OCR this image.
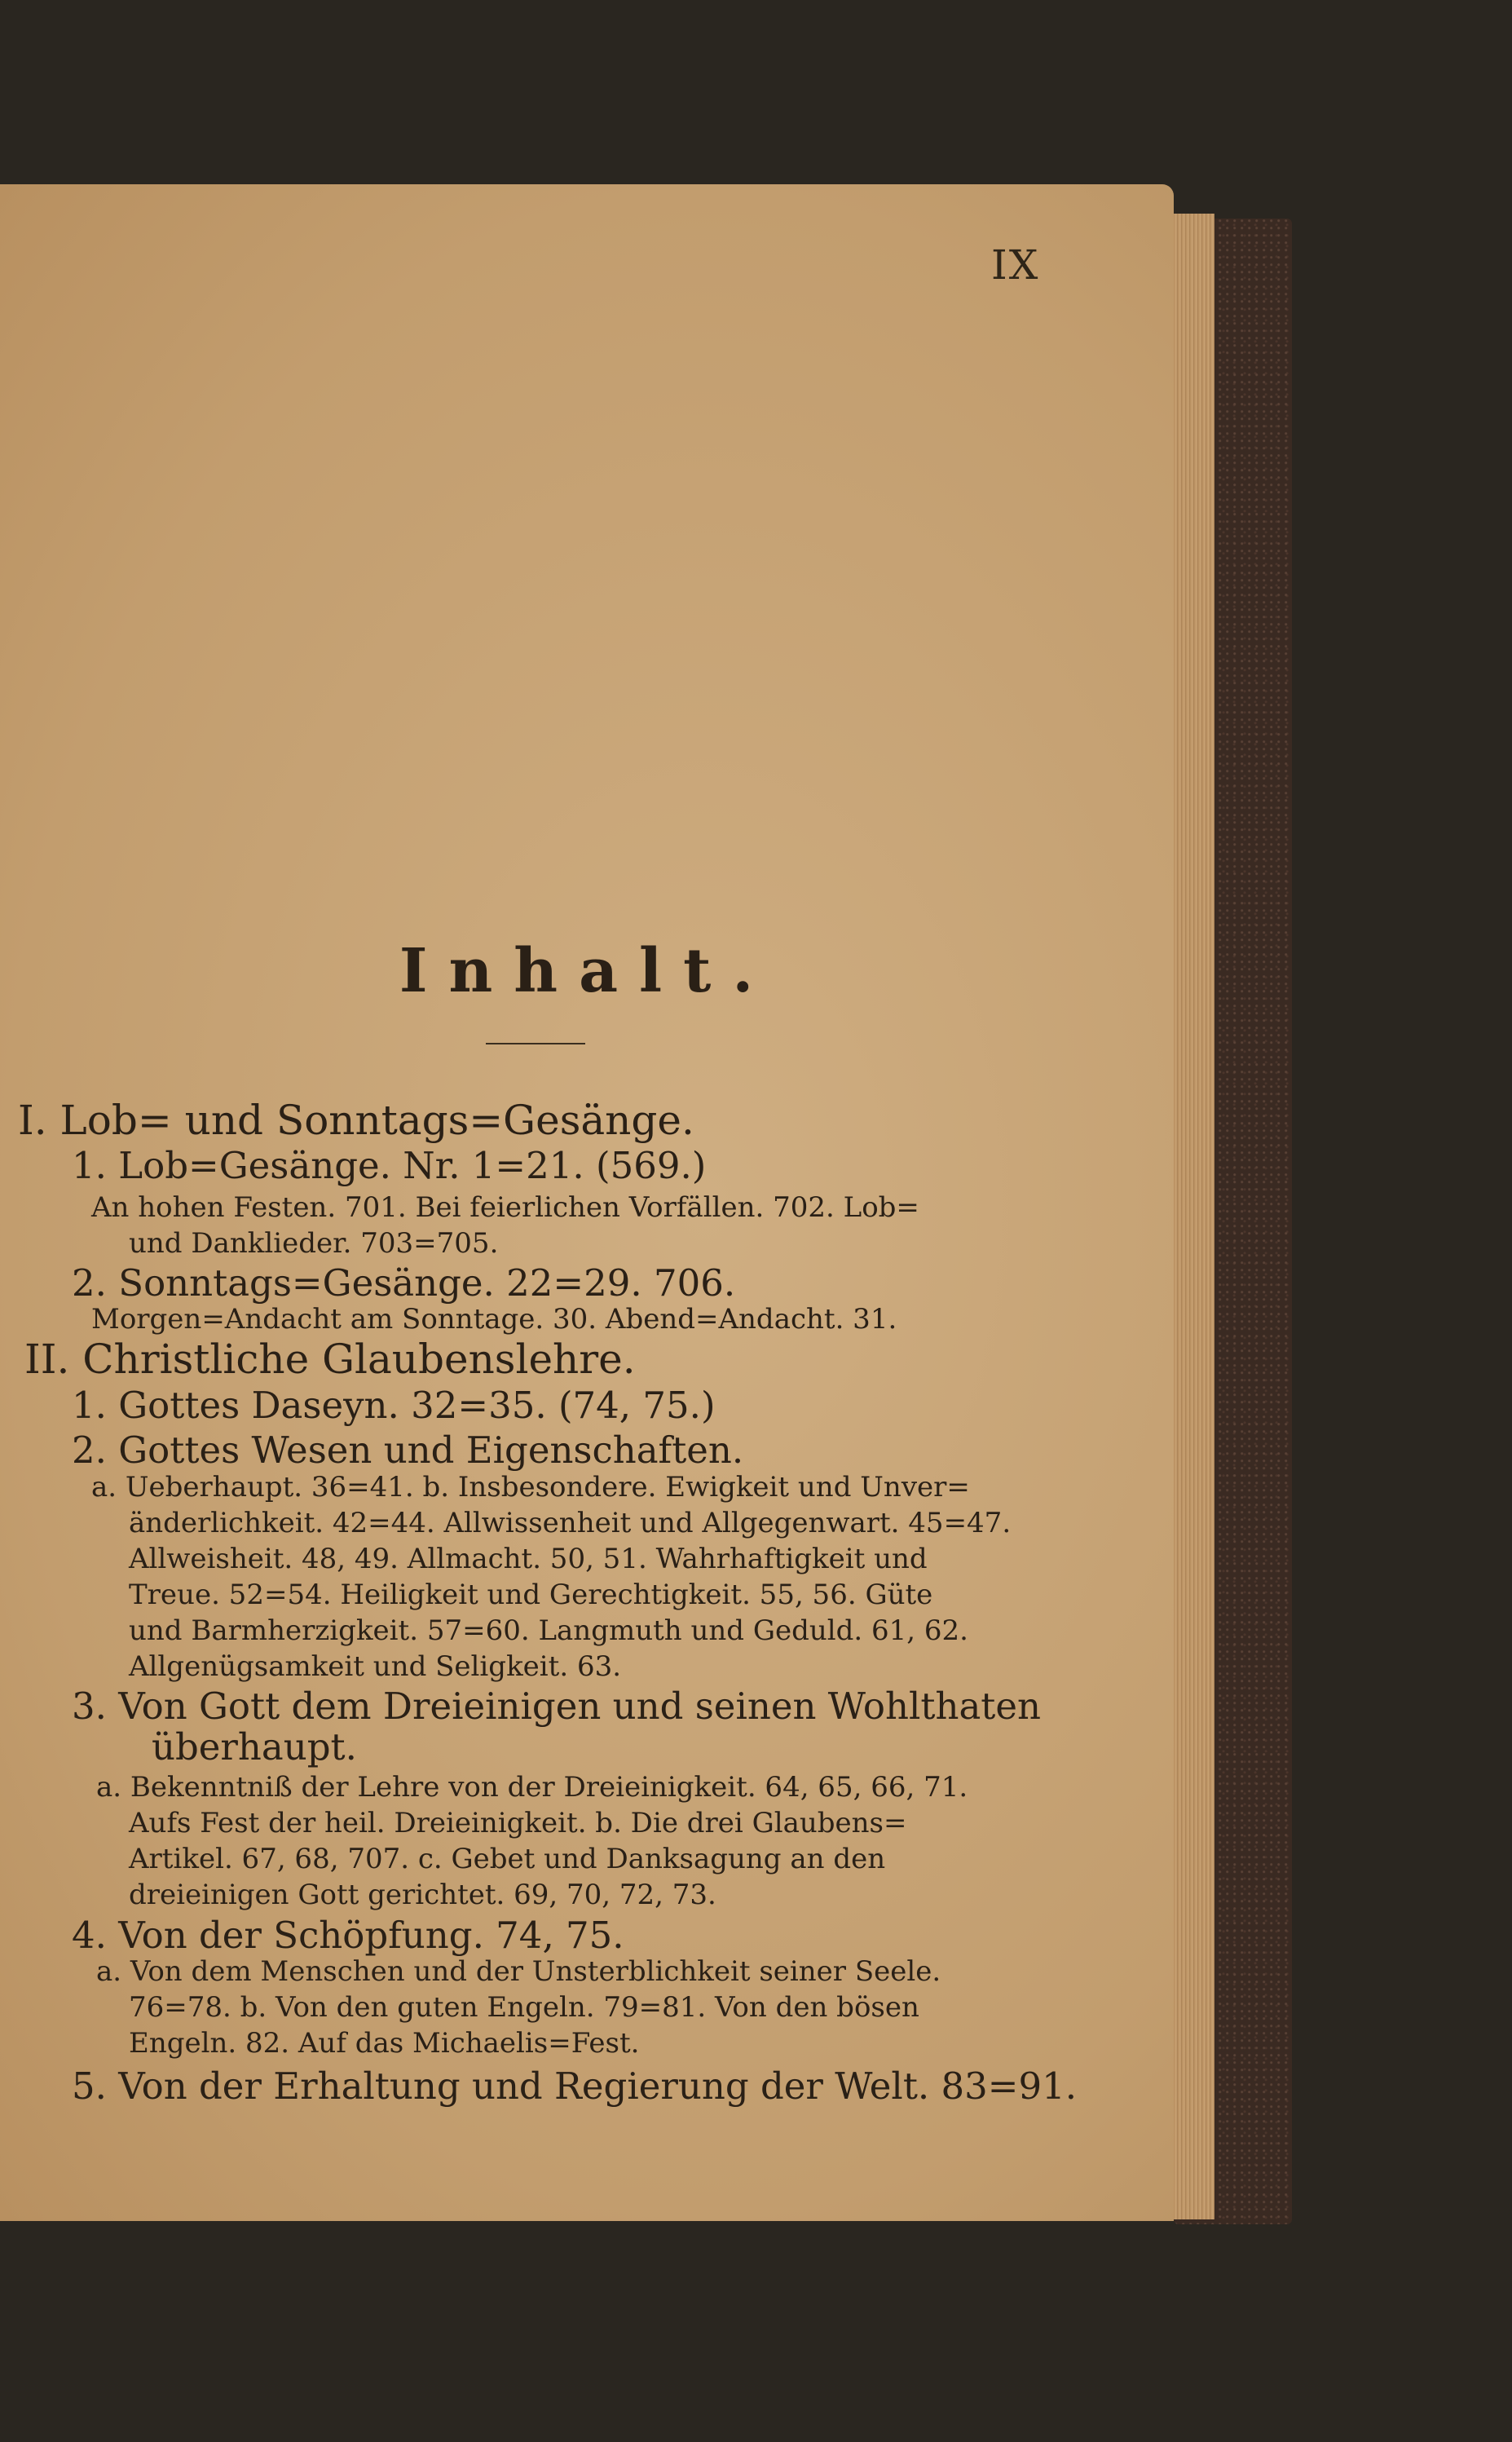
IX
Inhalt.
I. Lob= und Sonntags=Gesänge.
1. Lob=Gesänge. Nr. 1=21. (569.)
An hohen Festen. 701. Bei feierlichen Vorfällen. 702. Lob=
und Danklieder. 703=705.
2. Sonntags=Gesänge. 22=29. 706.
Morgen=Andacht am Sonntage. 30. Abend=Andacht. 31.
II. Christliche Glaubenslehre.
1. Gottes Daseyn. 32=35. (74, 75.)
2. Gottes Wesen und Eigenschaften.
a. Ueberhaupt. 36=41. b. Insbesondere. Ewigkeit und Unver=
änderlichkeit. 42=44. Allwissenheit und Allgegenwart. 45=47.
Allweisheit. 48, 49. Allmacht. 50, 51. Wahrhaftigkeit und
Treue. 52=54. Heiligkeit und Gerechtigkeit. 55, 56. Güte
und Barmherzigkeit. 57=60. Langmuth und Geduld. 61, 62.
Allgenügsamkeit und Seligkeit. 63.
3. Von Gott dem Dreieinigen und seinen Wohlthaten
überhaupt.
a. Bekenntniß der Lehre von der Dreieinigkeit. 64, 65, 66, 71.
Aufs Fest der heil. Dreieinigkeit. b. Die drei Glaubens=
Artikel. 67, 68, 707. c. Gebet und Danksagung an den
dreieinigen Gott gerichtet. 69, 70, 72, 73.
4. Von der Schöpfung. 74, 75.
a. Von dem Menschen und der Unsterblichkeit seiner Seele.
76=78. b. Von den guten Engeln. 79=81. Von den bösen
Engeln. 82. Auf das Michaelis=Fest.
5. Von der Erhaltung und Regierung der Welt. 83=91.
